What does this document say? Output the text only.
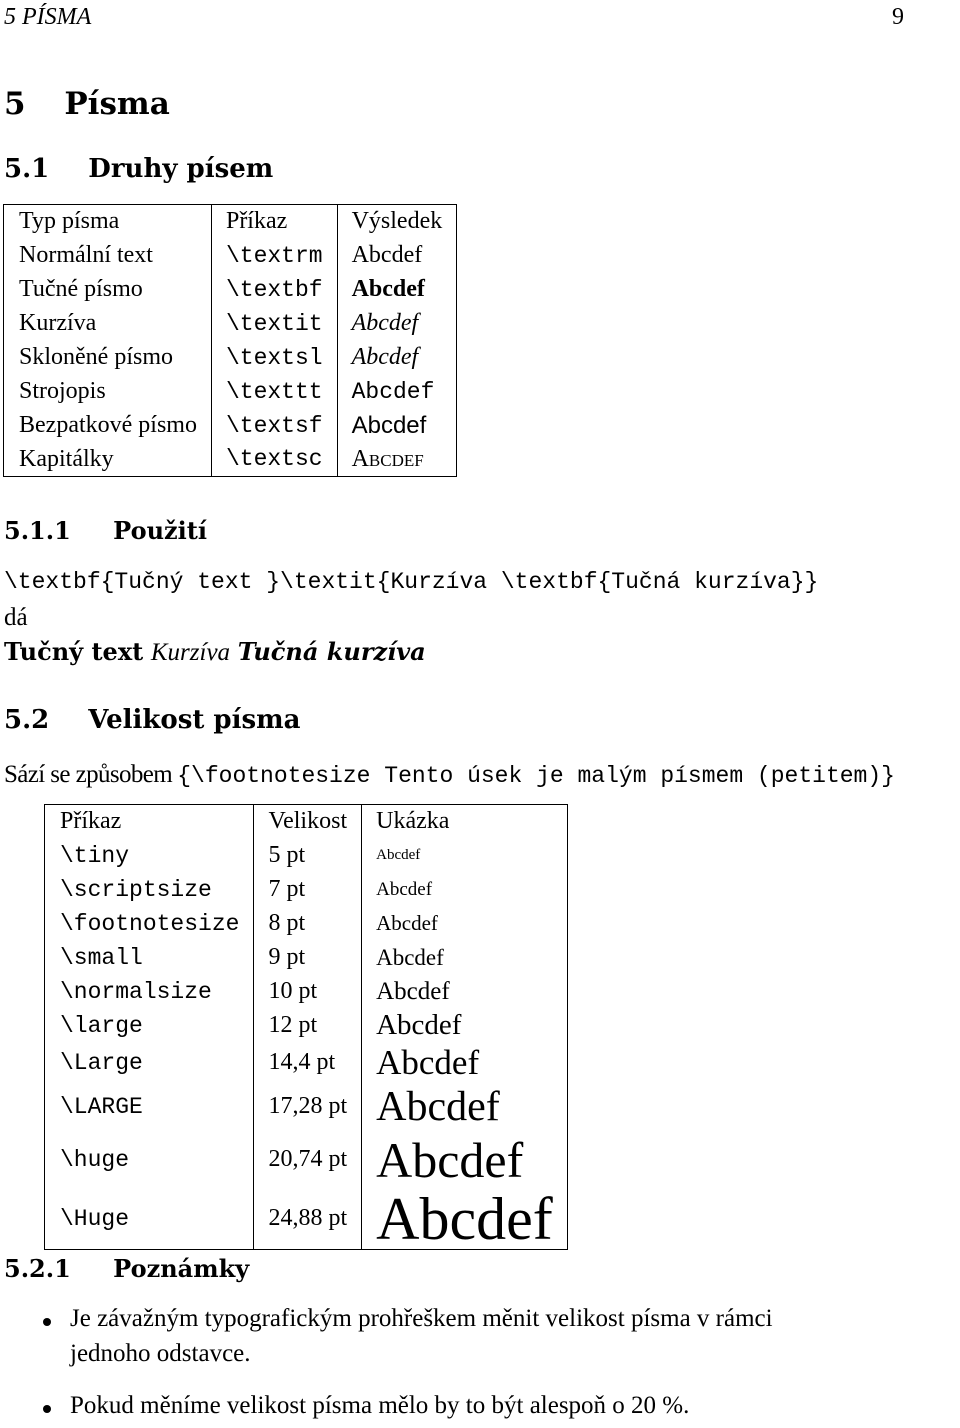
5 PÍSMA	9
5 Písma
5.1 Druhy písem
Typ písma	Příkaz	Výsledek
Normální text	\textrm	Abcdef
Tučné písmo	\textbf	Abcdef
Kurzíva	\textit	Abcdef
Skloněné písmo	\textsl	Abcdef
Strojopis	\texttt	Abcdef
Bezpatkové písmo	\textsf	Abcdef
Kapitálky	\textsc	Abcdef
5.1.1 Použití
\textbf{Tučný text }\textit{Kurzíva \textbf{Tučná kurzíva}}
dá
Tučný text Kurzíva Tučná kurzíva
5.2 Velikost písma
Sází se způsobem {\footnotesize Tento úsek je malým písmem (petitem)}
Příkaz	Velikost	Ukázka
\tiny	5 pt	Abcdef
\scriptsize	7 pt	Abcdef
\footnotesize	8 pt	Abcdef
\small	9 pt	Abcdef
\normalsize	10 pt	Abcdef
\large	12 pt	Abcdef
\Large	14,4 pt	Abcdef
\LARGE	17,28 pt	Abcdef
\huge	20,74 pt	Abcdef
\Huge	24,88 pt	Abcdef
5.2.1 Poznámky
Je závažným typografickým prohřeškem měnit velikost písma v rámci
jednoho odstavce.
Pokud měníme velikost písma mělo by to být alespoň o 20 %.
